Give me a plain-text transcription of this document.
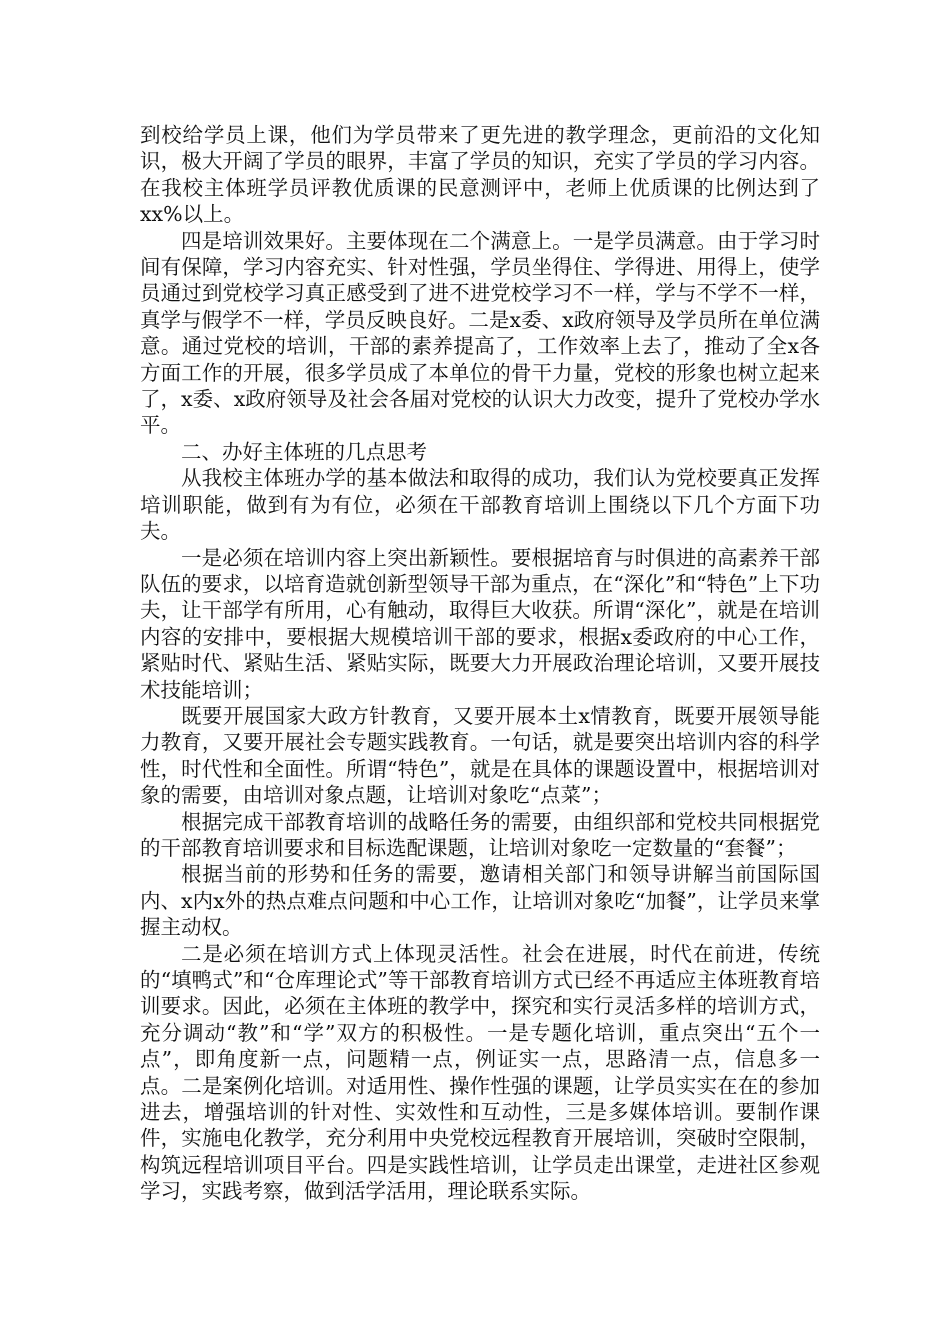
到校给学员上课，他们为学员带来了更先进的教学理念，更前沿的文化知识，极大开阔了学员的眼界，丰富了学员的知识，充实了学员的学习内容。在我校主体班学员评教优质课的民意测评中，老师上优质课的比例达到了xx%以上。

四是培训效果好。主要体现在二个满意上。一是学员满意。由于学习时间有保障，学习内容充实、针对性强，学员坐得住、学得进、用得上，使学员通过到党校学习真正感受到了进不进党校学习不一样，学与不学不一样，真学与假学不一样，学员反映良好。二是x委、x政府领导及学员所在单位满意。通过党校的培训，干部的素养提高了，工作效率上去了，推动了全x各方面工作的开展，很多学员成了本单位的骨干力量，党校的形象也树立起来了，x委、x政府领导及社会各届对党校的认识大力改变，提升了党校办学水平。

二、办好主体班的几点思考

从我校主体班办学的基本做法和取得的成功，我们认为党校要真正发挥培训职能，做到有为有位，必须在干部教育培训上围绕以下几个方面下功夫。

一是必须在培训内容上突出新颖性。要根据培育与时俱进的高素养干部队伍的要求，以培育造就创新型领导干部为重点，在“深化”和“特色”上下功夫，让干部学有所用，心有触动，取得巨大收获。所谓“深化”，就是在培训内容的安排中，要根据大规模培训干部的要求，根据x委政府的中心工作，紧贴时代、紧贴生活、紧贴实际，既要大力开展政治理论培训，又要开展技术技能培训；

既要开展国家大政方针教育，又要开展本土x情教育，既要开展领导能力教育，又要开展社会专题实践教育。一句话，就是要突出培训内容的科学性，时代性和全面性。所谓“特色”，就是在具体的课题设置中，根据培训对象的需要，由培训对象点题，让培训对象吃“点菜”；

根据完成干部教育培训的战略任务的需要，由组织部和党校共同根据党的干部教育培训要求和目标选配课题，让培训对象吃一定数量的“套餐”；

根据当前的形势和任务的需要，邀请相关部门和领导讲解当前国际国内、x内x外的热点难点问题和中心工作，让培训对象吃“加餐”，让学员来掌握主动权。

二是必须在培训方式上体现灵活性。社会在进展，时代在前进，传统的“填鸭式”和“仓库理论式”等干部教育培训方式已经不再适应主体班教育培训要求。因此，必须在主体班的教学中，探究和实行灵活多样的培训方式，充分调动“教”和“学”双方的积极性。一是专题化培训，重点突出“五个一点”，即角度新一点，问题精一点，例证实一点，思路清一点，信息多一点。二是案例化培训。对适用性、操作性强的课题，让学员实实在在的参加进去，增强培训的针对性、实效性和互动性，三是多媒体培训。要制作课件，实施电化教学，充分利用中央党校远程教育开展培训，突破时空限制，构筑远程培训项目平台。四是实践性培训，让学员走出课堂，走进社区参观学习，实践考察，做到活学活用，理论联系实际。
